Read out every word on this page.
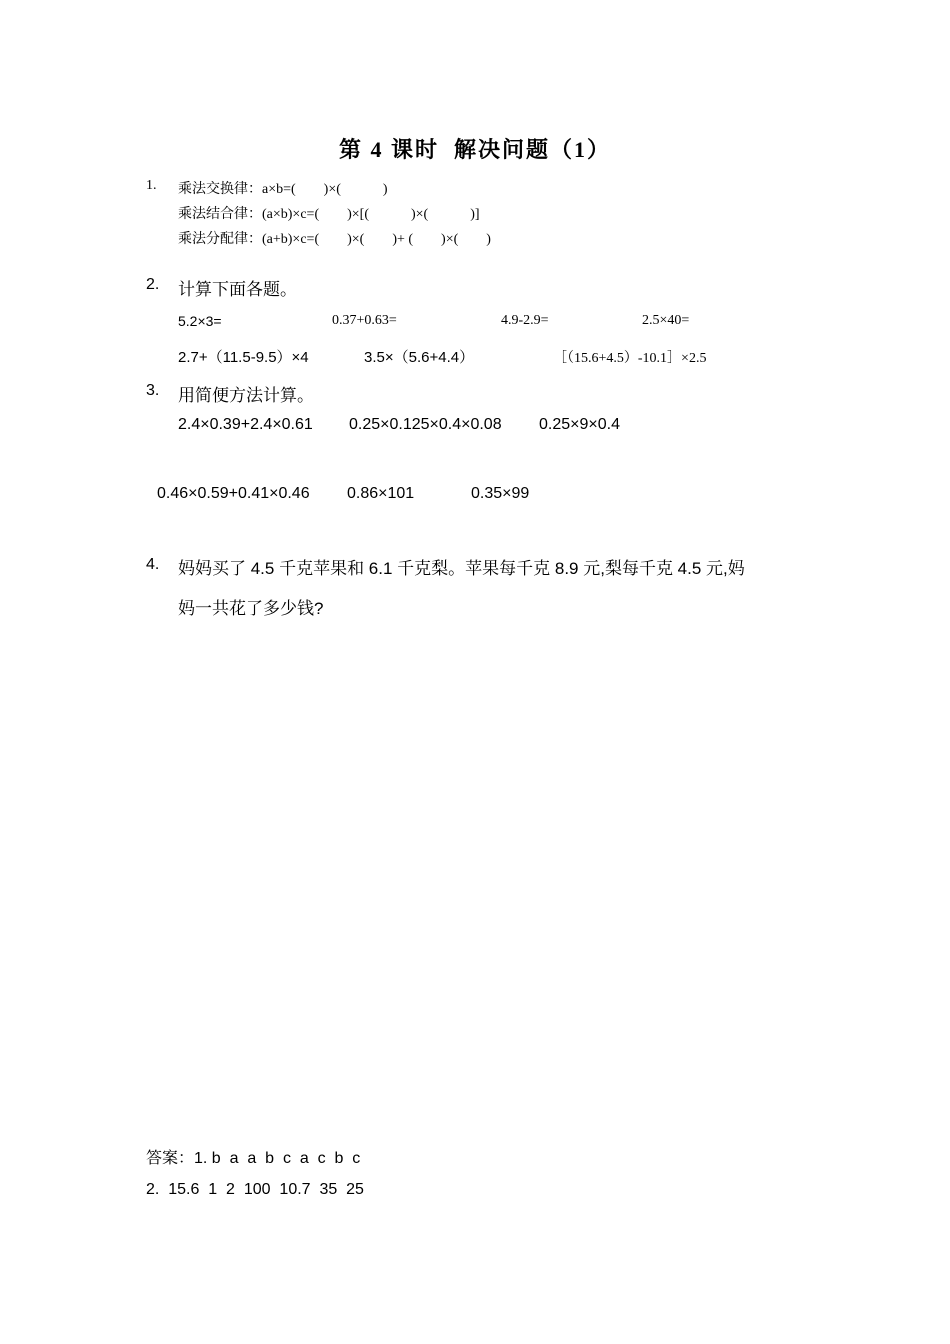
第 4 课时  解决问题（1）
1. 乘法交换律：a×b=(　　)×(　　　)
乘法结合律：(a×b)×c=(　　)×[(　　　)×(　　　)]
乘法分配律：(a+b)×c=(　　)×(　　)+ (　　)×(　　)
2. 计算下面各题。
5.2×3=	0.37+0.63=	4.9-2.9=	2.5×40=
2.7+（11.5-9.5）×4	3.5×（5.6+4.4）	［（15.6+4.5）-10.1］×2.5
3. 用简便方法计算。
2.4×0.39+2.4×0.61 0.25×0.125×0.4×0.08 0.25×9×0.4
0.46×0.59+0.41×0.46 0.86×101	0.35×99
4. 妈妈买了 4.5 千克苹果和 6.1 千克梨。苹果每千克 8.9 元,梨每千克 4.5 元,妈
妈一共花了多少钱?
答案：1. b  a  a  b  c  a  c  b  c
2.  15.6  1  2  100  10.7  35  25
